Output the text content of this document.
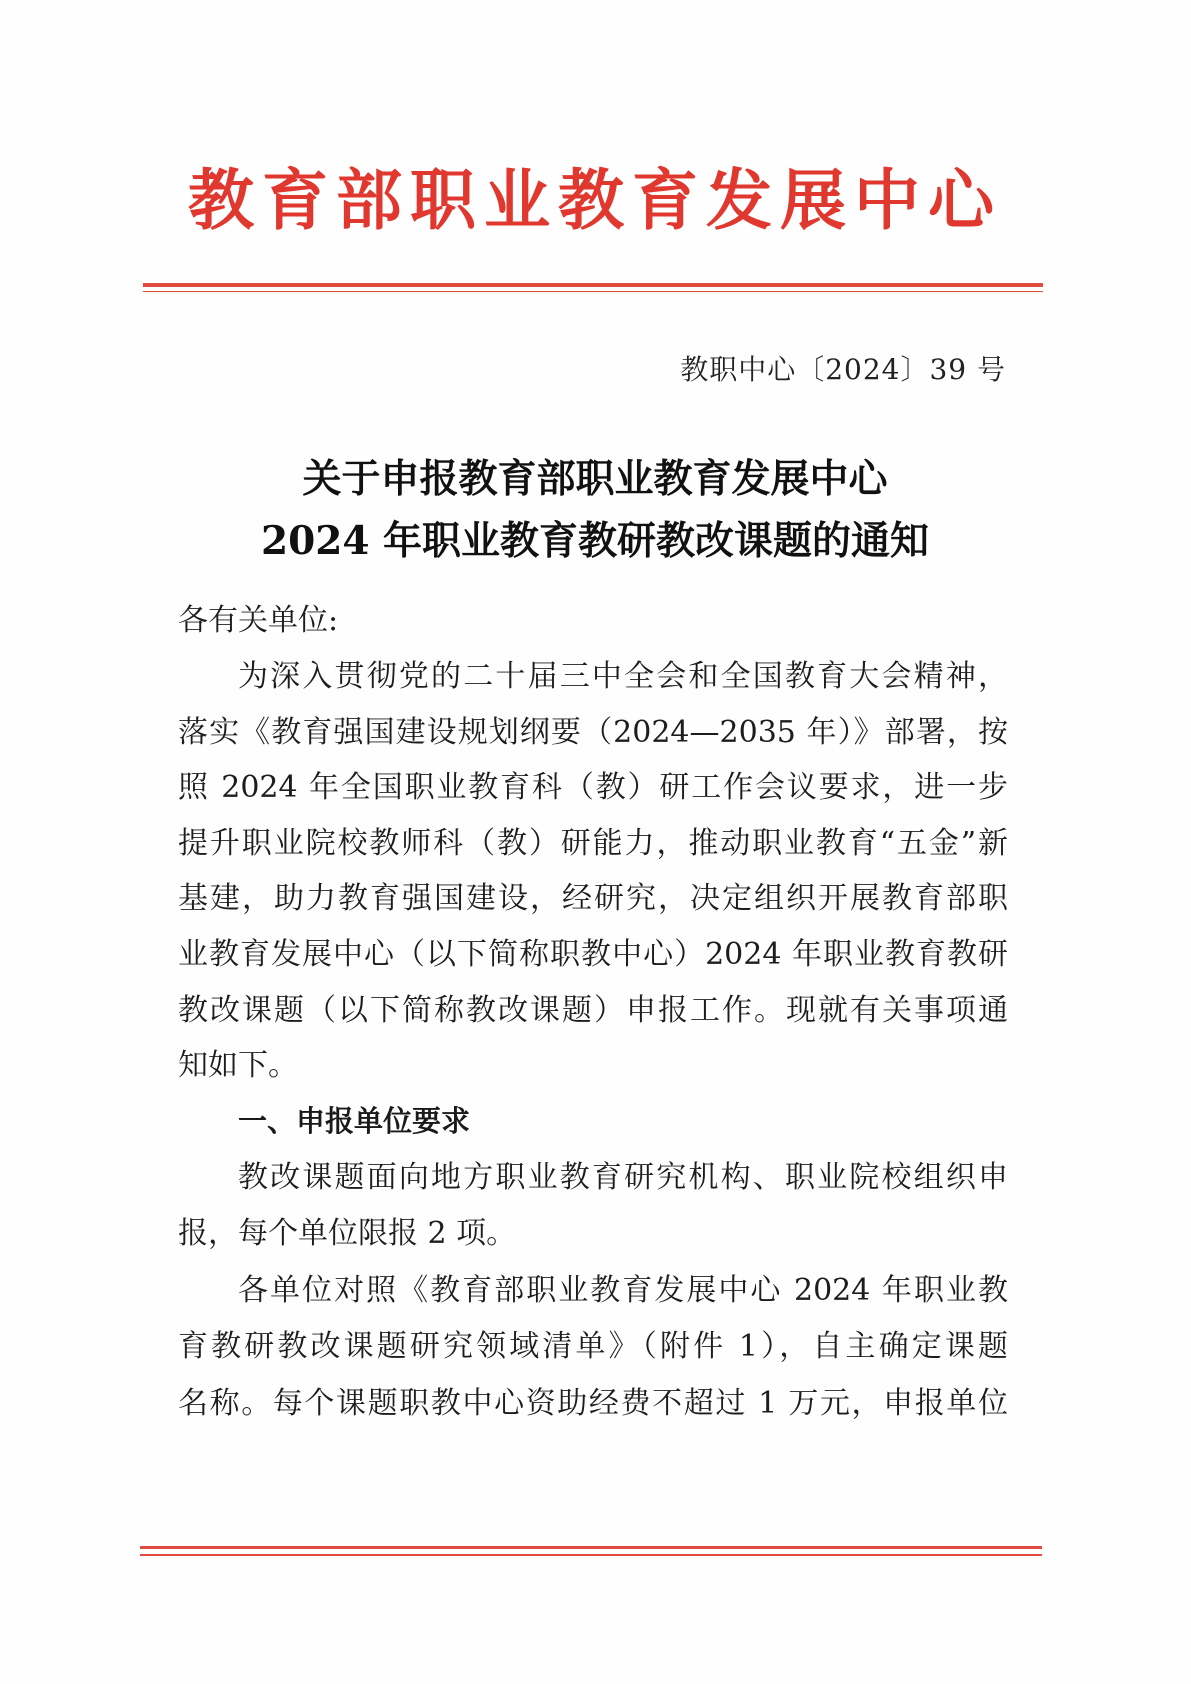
教育部职业教育发展中心
教职中心〔2024〕39 号
关于申报教育部职业教育发展中心
2024 年职业教育教研教改课题的通知
各有关单位:
为深入贯彻党的二十届三中全会和全国教育大会精神，
落实《教育强国建设规划纲要（2024—2035 年）》部署，按
照 2024 年全国职业教育科（教）研工作会议要求，进一步
提升职业院校教师科（教）研能力，推动职业教育“五金”新
基建，助力教育强国建设，经研究，决定组织开展教育部职
业教育发展中心（以下简称职教中心）2024 年职业教育教研
教改课题（以下简称教改课题）申报工作。现就有关事项通
知如下。
一、申报单位要求
教改课题面向地方职业教育研究机构、职业院校组织申
报，每个单位限报 2 项。
各单位对照《教育部职业教育发展中心 2024 年职业教
育教研教改课题研究领域清单》（附件 1），自主确定课题
名称。每个课题职教中心资助经费不超过 1 万元，申报单位
